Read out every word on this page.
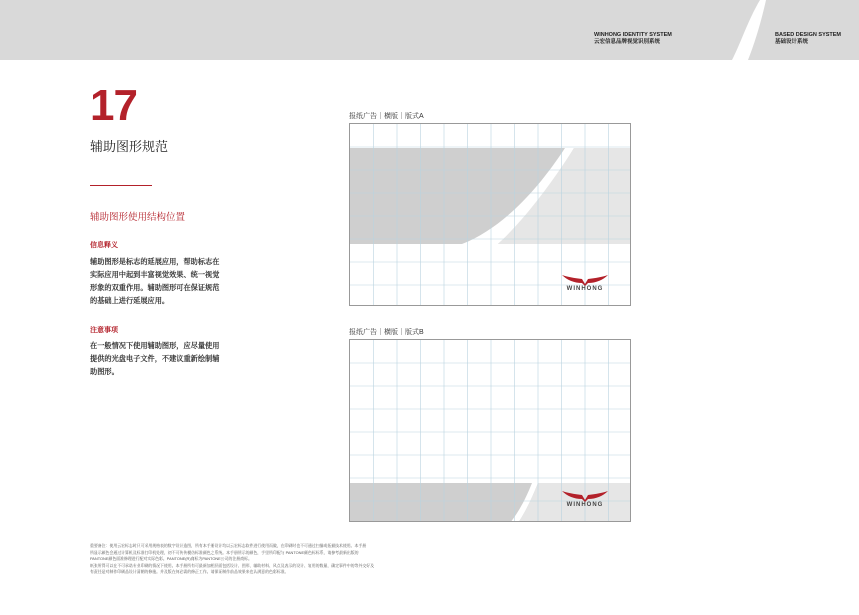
WINHONG IDENTITY SYSTEM
云宏信息品牌视觉识别系统
BASED DESIGN SYSTEM
基础设计系统
17
辅助图形规范
辅助图形使用结构位置
信息释义
辅助图形是标志的延展应用，帮助标志在
实际应用中起到丰富视觉效果、统一视觉
形象的双重作用。辅助图形可在保证规范
的基础上进行延展应用。
注意事项
在一般情况下使用辅助图形，应尽量使用
提供的光盘电子文件，不建议重新绘制辅
助图形。
报纸广告｜横版｜版式A
WINHONG
报纸广告｜横版｜版式B
WINHONG

重要备注：使用云宏标志时只可采用规格表的数字设计造图，所有本手册设计均以云宏标志软件进行使用而做，在印刷时也不可通过扫描或拓描技术使用。本手册

所显示颜色会通过计算机及标准打印机处理，初不可传传模仿标准颜色之系统。本手册所示的颜色，手里所印配与 PANTONE颜色标标系，请参考最新出版的

PANTONE颜色面准修理进行配对实际色彩。PANTONE(R)商标为PANTONE公司的注册商标。

纸张所得可以在不可承诺专业印刷的情况下使用。本手册所有可最新加相层面包括设计、图形、辅助材料、风点及表示的设计、复用的数量，确定事件中的等外交好及

有责任是对制作印刷品设计清朝的修施。并及版在何必需的修正工作。请保证制作前品效果来也认满意的色彩标准。
